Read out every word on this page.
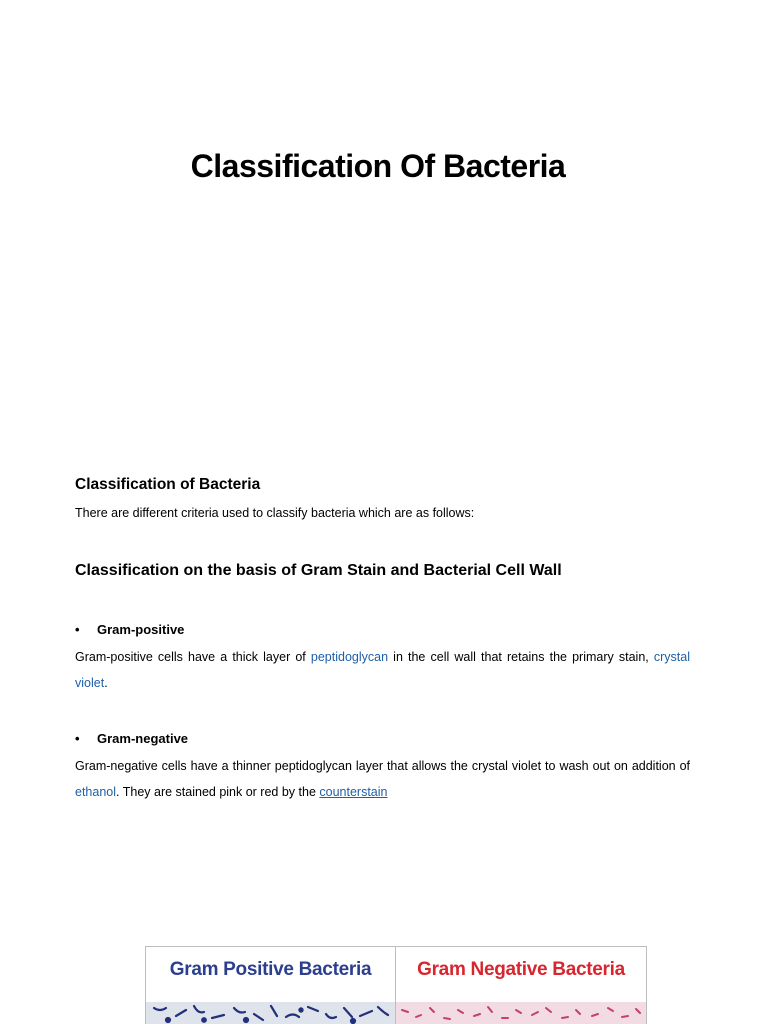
Classification Of Bacteria
Classification of Bacteria
There are different criteria used to classify bacteria which are as follows:
Classification on the basis of Gram Stain and Bacterial Cell Wall
• Gram-positive
Gram-positive cells have a thick layer of peptidoglycan in the cell wall that retains the primary stain, crystal violet.
• Gram-negative
Gram-negative cells have a thinner peptidoglycan layer that allows the crystal violet to wash out on addition of ethanol. They are stained pink or red by the counterstain
Gram Positive Bacteria	Gram Negative Bacteria
